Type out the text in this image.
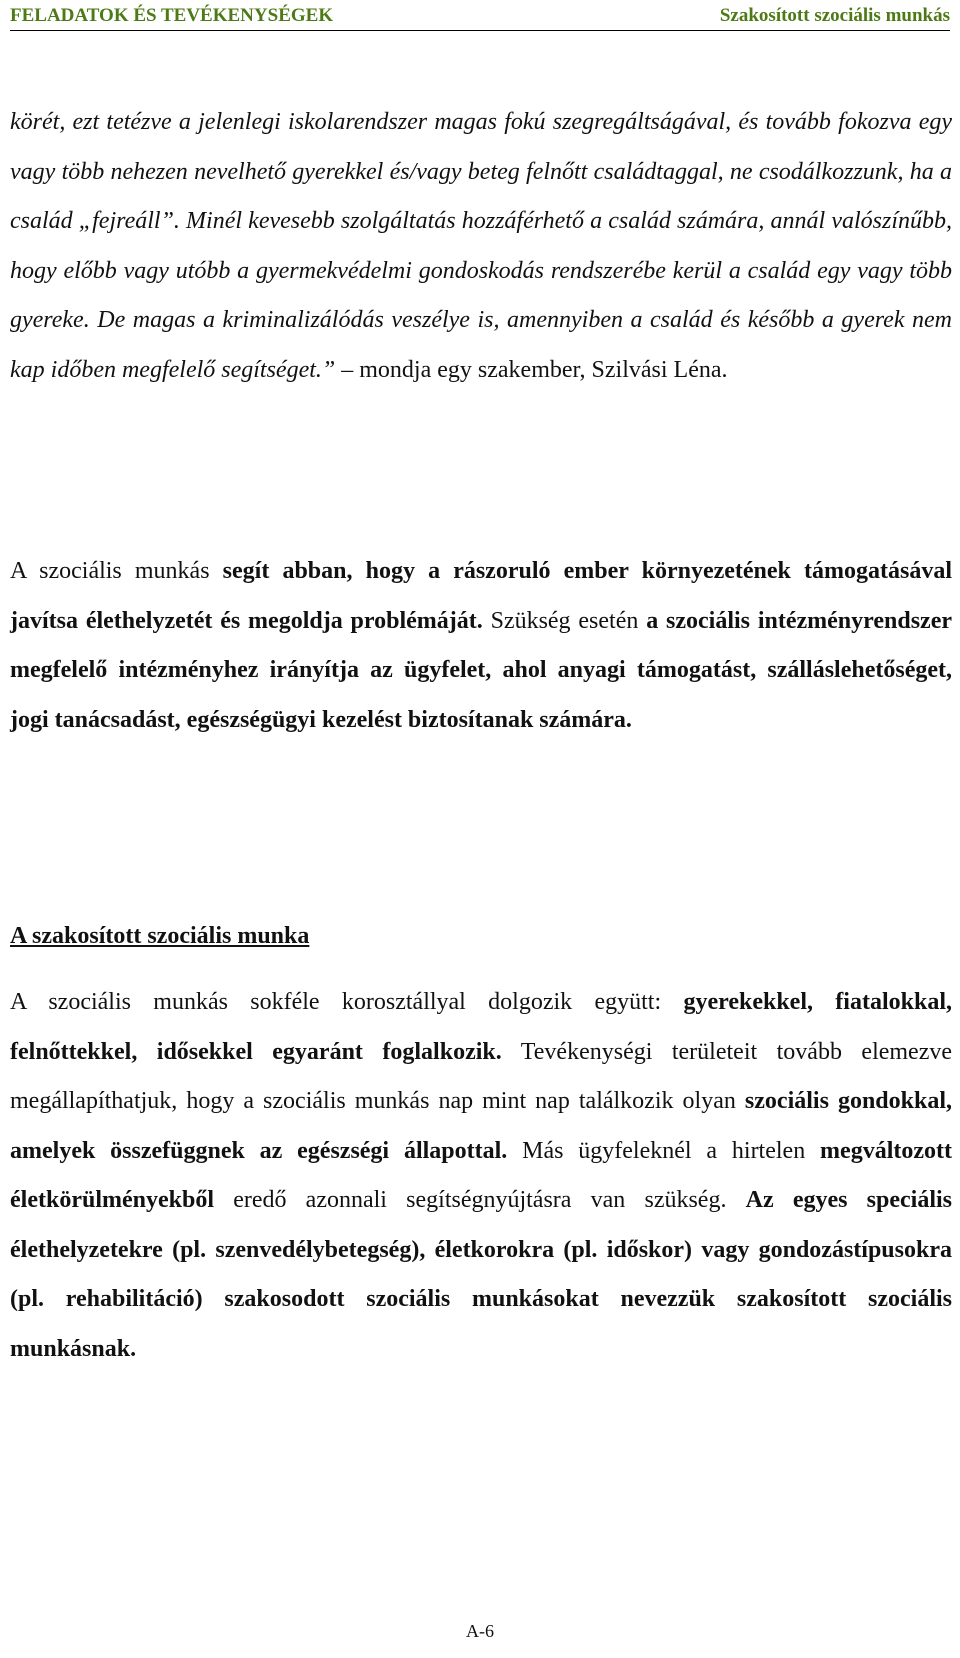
FELADATOK ÉS TEVÉKENYSÉGEK	Szakosított szociális munkás

körét, ezt tetézve a jelenlegi iskolarendszer magas fokú szegregáltságával, és tovább fokozva egy vagy több nehezen nevelhető gyerekkel és/vagy beteg felnőtt családtaggal, ne csodálkozzunk, ha a család „fejreáll”. Minél kevesebb szolgáltatás hozzáférhető a család számára, annál valószínűbb, hogy előbb vagy utóbb a gyermekvédelmi gondoskodás rendszerébe kerül a család egy vagy több gyereke. De magas a kriminalizálódás veszélye is, amennyiben a család és később a gyerek nem kap időben megfelelő segítséget.” – mondja egy szakember, Szilvási Léna.

A szociális munkás segít abban, hogy a rászoruló ember környezetének támogatásával javítsa élethelyzetét és megoldja problémáját. Szükség esetén a szociális intézményrendszer megfelelő intézményhez irányítja az ügyfelet, ahol anyagi támogatást, szálláslehetőséget, jogi tanácsadást, egészségügyi kezelést biztosítanak számára.

A szakosított szociális munka

A szociális munkás sokféle korosztállyal dolgozik együtt: gyerekekkel, fiatalokkal, felnőttekkel, idősekkel egyaránt foglalkozik. Tevékenységi területeit tovább elemezve megállapíthatjuk, hogy a szociális munkás nap mint nap találkozik olyan szociális gondokkal, amelyek összefüggnek az egészségi állapottal. Más ügyfeleknél a hirtelen megváltozott életkörülményekből eredő azonnali segítségnyújtásra van szükség. Az egyes speciális élethelyzetekre (pl. szenvedélybetegség), életkorokra (pl. időskor) vagy gondozástípusokra (pl. rehabilitáció) szakosodott szociális munkásokat nevezzük szakosított szociális munkásnak.

A-6
